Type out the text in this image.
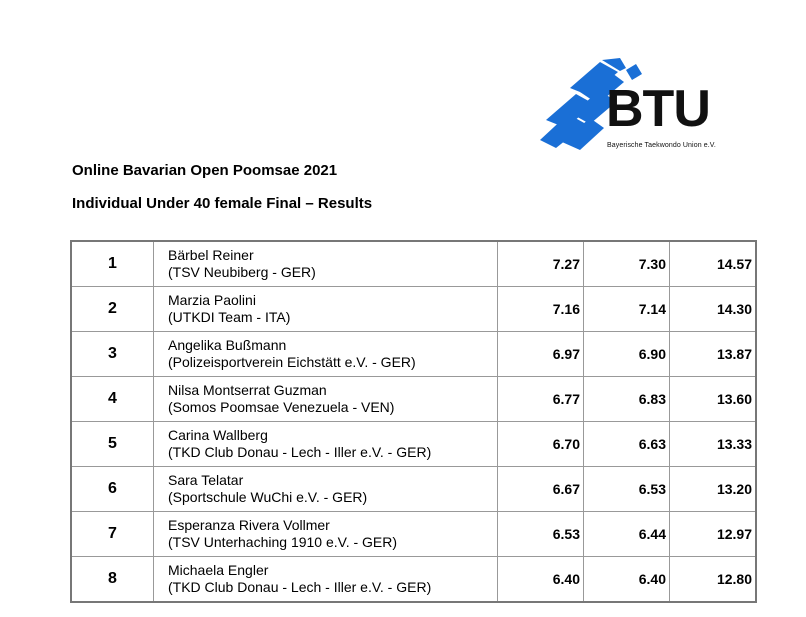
BTU
Bayerische Taekwondo Union e.V.
Online Bavarian Open Poomsae 2021
Individual Under 40 female Final – Results
1	Bärbel Reiner
(TSV Neubiberg - GER)	7.27	7.30	14.57
2	Marzia Paolini
(UTKDI Team - ITA)	7.16	7.14	14.30
3	Angelika Bußmann
(Polizeisportverein Eichstätt e.V. - GER)	6.97	6.90	13.87
4	Nilsa Montserrat Guzman
(Somos Poomsae Venezuela - VEN)	6.77	6.83	13.60
5	Carina Wallberg
(TKD Club Donau - Lech - Iller e.V. - GER)	6.70	6.63	13.33
6	Sara Telatar
(Sportschule WuChi e.V. - GER)	6.67	6.53	13.20
7	Esperanza Rivera Vollmer
(TSV Unterhaching 1910 e.V. - GER)	6.53	6.44	12.97
8	Michaela Engler
(TKD Club Donau - Lech - Iller e.V. - GER)	6.40	6.40	12.80
